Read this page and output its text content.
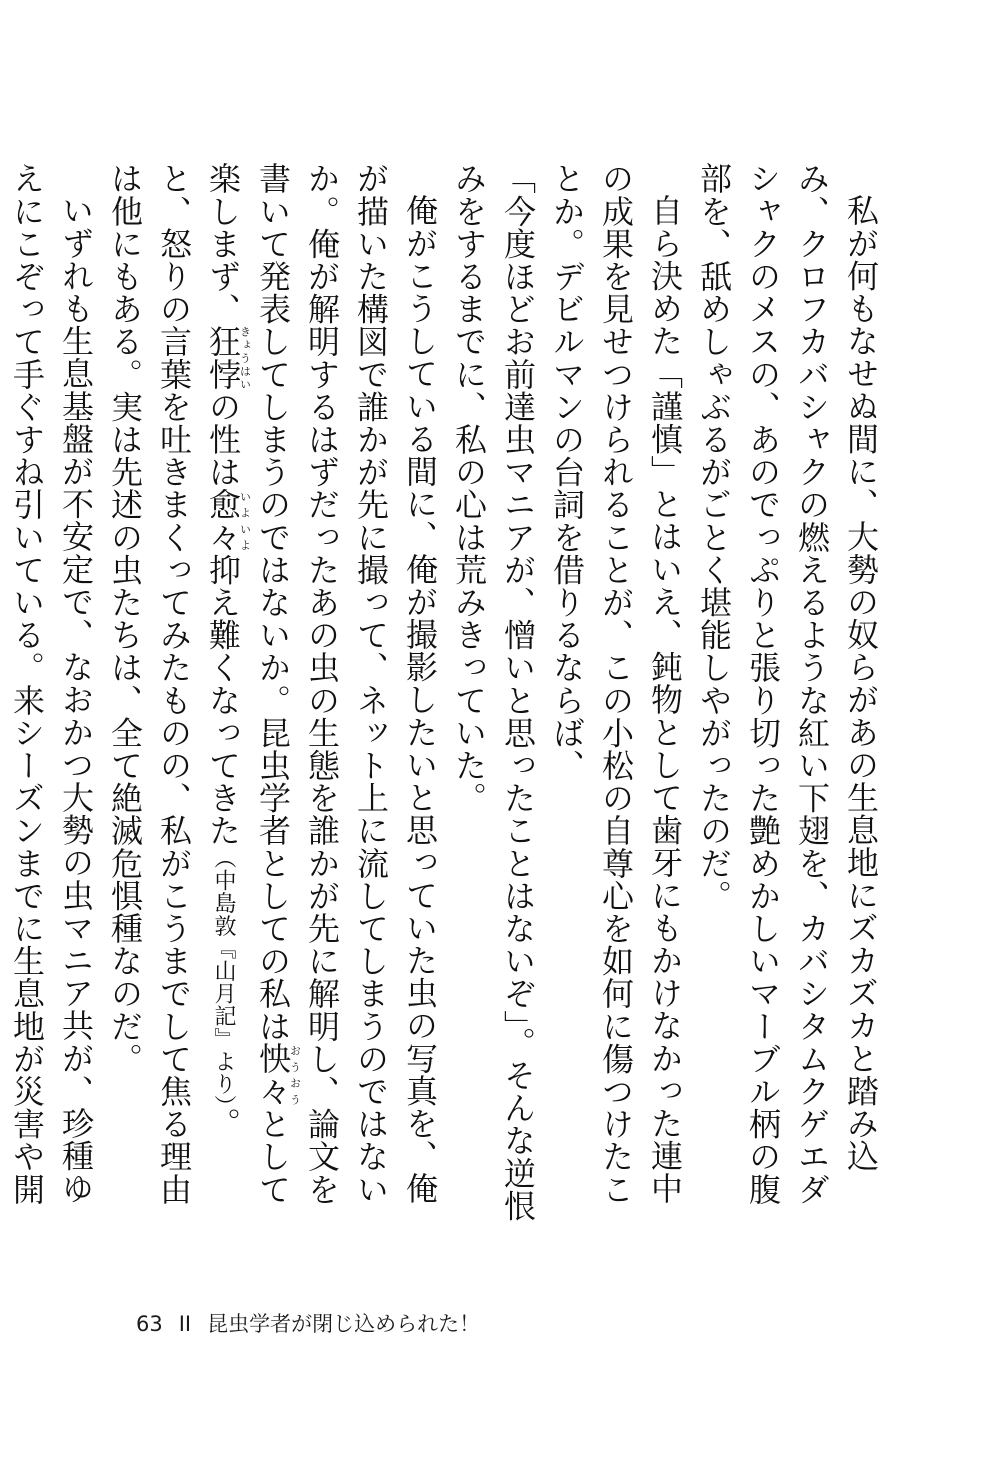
私が何もなせぬ間に、大勢の奴らがあの生息地にズカズカと踏み込み、クロフカバシャクの燃えるような紅い下翅を、カバシタムクゲエダシャクのメスの、あのでっぷりと張り切った艶めかしいマーブル柄の腹部を、舐めしゃぶるがごとく堪能しやがったのだ。

自ら決めた「謹慎」とはいえ、鈍物として歯牙にもかけなかった連中の成果を見せつけられることが、この小松の自尊心を如何に傷つけたことか。デビルマンの台詞を借りるならば、

「今度ほどお前達虫マニアが、憎いと思ったことはないぞ」。そんな逆恨みをするまでに、私の心は荒みきっていた。

俺がこうしている間に、俺が撮影したいと思っていた虫の写真を、俺が描いた構図で誰かが先に撮って、ネット上に流してしまうのではないか。俺が解明するはずだったあの虫の生態を誰かが先に解明し、論文を書いて発表してしまうのではないか。昆虫学者としての私は怏々おうおうとして楽しまず、狂悖きょうはいの性は愈々いよいよ抑え難くなってきた（中島敦『山月記』より）。

と、怒りの言葉を吐きまくってみたものの、私がこうまでして焦る理由は他にもある。実は先述の虫たちは、全て絶滅危惧種なのだ。

いずれも生息基盤が不安定で、なおかつ大勢の虫マニア共が、珍種ゆえにこぞって手ぐすね引いている。来シーズンまでに生息地が災害や開

63 II 昆虫学者が閉じ込められた！
